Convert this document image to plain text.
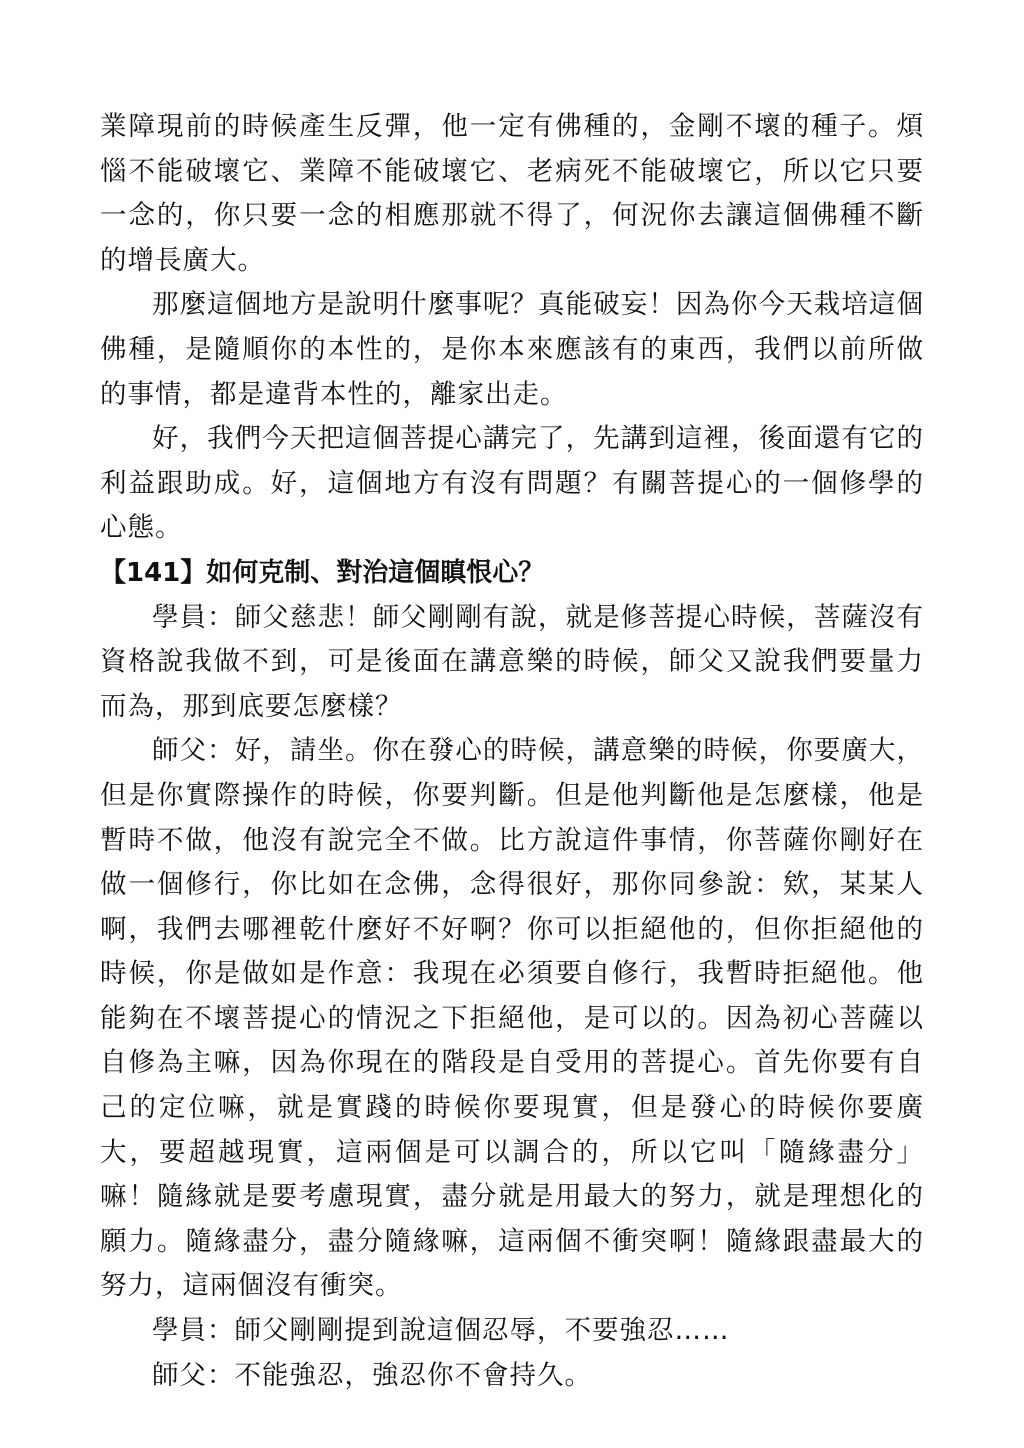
業障現前的時候產生反彈，他一定有佛種的，金剛不壞的種子。煩惱不能破壞它、業障不能破壞它、老病死不能破壞它，所以它只要一念的，你只要一念的相應那就不得了，何況你去讓這個佛種不斷的增長廣大。

那麼這個地方是說明什麼事呢？真能破妄！因為你今天栽培這個佛種，是隨順你的本性的，是你本來應該有的東西，我們以前所做的事情，都是違背本性的，離家出走。

好，我們今天把這個菩提心講完了，先講到這裡，後面還有它的利益跟助成。好，這個地方有沒有問題？有關菩提心的一個修學的心態。

【141】如何克制、對治這個瞋恨心？

學員：師父慈悲！師父剛剛有說，就是修菩提心時候，菩薩沒有資格說我做不到，可是後面在講意樂的時候，師父又說我們要量力而為，那到底要怎麼樣？

師父：好，請坐。你在發心的時候，講意樂的時候，你要廣大，但是你實際操作的時候，你要判斷。但是他判斷他是怎麼樣，他是暫時不做，他沒有說完全不做。比方說這件事情，你菩薩你剛好在做一個修行，你比如在念佛，念得很好，那你同參說：欸，某某人啊，我們去哪裡乾什麼好不好啊？你可以拒絕他的，但你拒絕他的時候，你是做如是作意：我現在必須要自修行，我暫時拒絕他。他能夠在不壞菩提心的情況之下拒絕他，是可以的。因為初心菩薩以自修為主嘛，因為你現在的階段是自受用的菩提心。首先你要有自己的定位嘛，就是實踐的時候你要現實，但是發心的時候你要廣大，要超越現實，這兩個是可以調合的，所以它叫「隨緣盡分」嘛！隨緣就是要考慮現實，盡分就是用最大的努力，就是理想化的願力。隨緣盡分，盡分隨緣嘛，這兩個不衝突啊！隨緣跟盡最大的努力，這兩個沒有衝突。

學員：師父剛剛提到說這個忍辱，不要強忍……

師父：不能強忍，強忍你不會持久。
